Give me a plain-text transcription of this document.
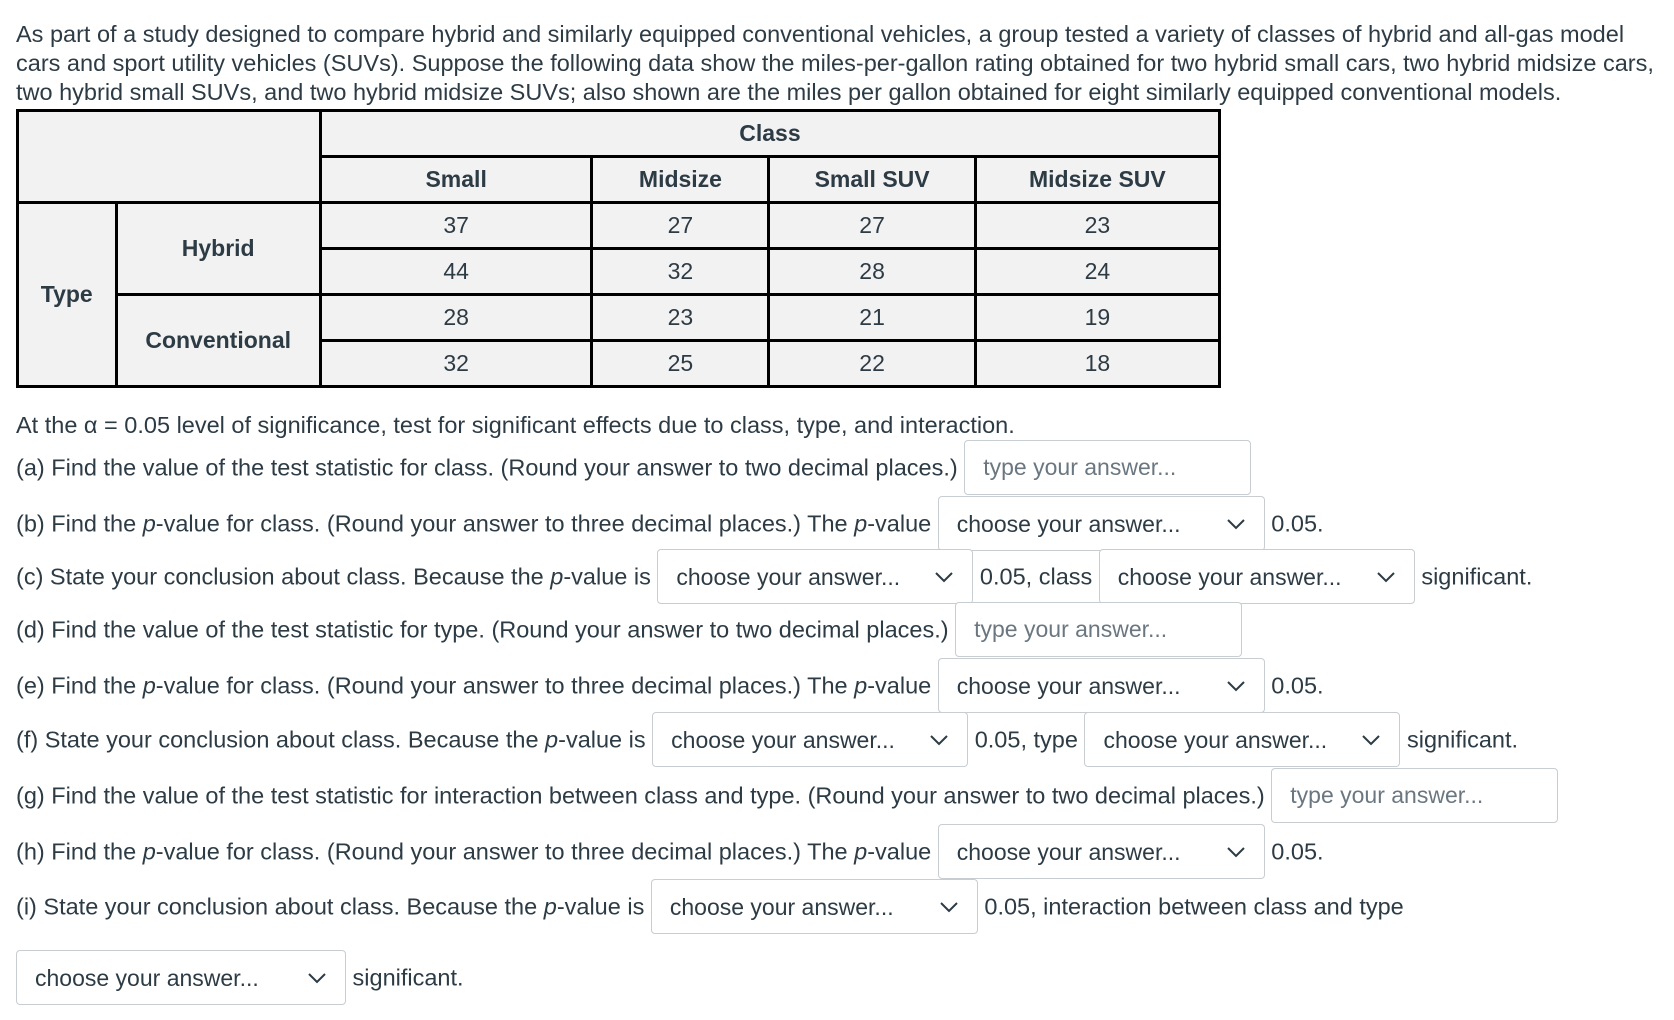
As part of a study designed to compare hybrid and similarly equipped conventional vehicles, a group tested a variety of classes of hybrid and all-gas model cars and sport utility vehicles (SUVs). Suppose the following data show the miles-per-gallon rating obtained for two hybrid small cars, two hybrid midsize cars, two hybrid small SUVs, and two hybrid midsize SUVs; also shown are the miles per gallon obtained for eight similarly equipped conventional models.

		Class			
		Small	Midsize	Small SUV	Midsize SUV
Type	Hybrid	37	27	27	23
		44	32	28	24
	Conventional	28	23	21	19
		32	25	22	18
At the α = 0.05 level of significance, test for significant effects due to class, type, and interaction.
(a) Find the value of the test statistic for class. (Round your answer to two decimal places.) type your answer...
(b) Find the p-value for class. (Round your answer to three decimal places.) The p-value choose your answer...	0.05.
(c) State your conclusion about class. Because the p-value is choose your answer...	0.05, class choose your answer...	significant.
(d) Find the value of the test statistic for type. (Round your answer to two decimal places.) type your answer...
(e) Find the p-value for class. (Round your answer to three decimal places.) The p-value choose your answer...	0.05.
(f) State your conclusion about class. Because the p-value is choose your answer...	0.05, type choose your answer...	significant.
(g) Find the value of the test statistic for interaction between class and type. (Round your answer to two decimal places.) type your answer...
(h) Find the p-value for class. (Round your answer to three decimal places.) The p-value choose your answer...	0.05.
(i) State your conclusion about class. Because the p-value is choose your answer...	0.05, interaction between class and type
choose your answer...	significant.
